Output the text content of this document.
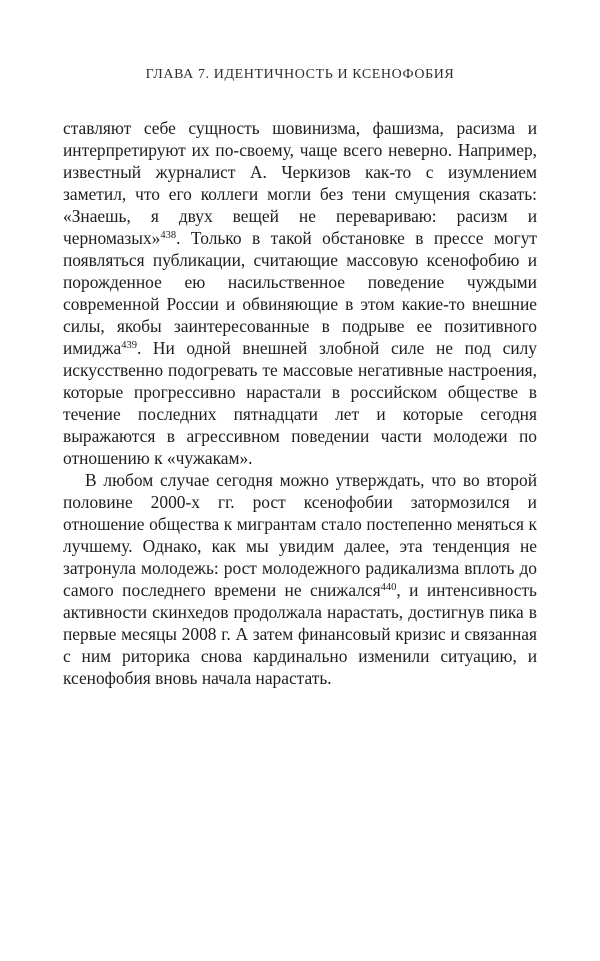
ГЛАВА 7. ИДЕНТИЧНОСТЬ И КСЕНОФОБИЯ

ставляют себе сущность шовинизма, фашизма, расизма и интерпретируют их по-своему, чаще всего неверно. Например, известный журналист А. Черкизов как-то с изумлением заметил, что его коллеги могли без тени смущения сказать: «Знаешь, я двух вещей не перевариваю: расизм и черномазых»$^{438}$. Только в такой обстановке в прессе могут появляться публикации, считающие массовую ксенофобию и порожденное ею насильственное поведение чуждыми современной России и обвиняющие в этом какие-то внешние силы, якобы заинтересованные в подрыве ее позитивного имиджа$^{439}$. Ни одной внешней злобной силе не под силу искусственно подогревать те массовые негативные настроения, которые прогрессивно нарастали в российском обществе в течение последних пятнадцати лет и которые сегодня выражаются в агрессивном поведении части молодежи по отношению к «чужакам».

В любом случае сегодня можно утверждать, что во второй половине 2000-х гг. рост ксенофобии затормозился и отношение общества к мигрантам стало постепенно меняться к лучшему. Однако, как мы увидим далее, эта тенденция не затронула молодежь: рост молодежного радикализма вплоть до самого последнего времени не снижался$^{440}$, и интенсивность активности скинхедов продолжала нарастать, достигнув пика в первые месяцы 2008 г. А затем финансовый кризис и связанная с ним риторика снова кардинально изменили ситуацию, и ксенофобия вновь начала нарастать.
